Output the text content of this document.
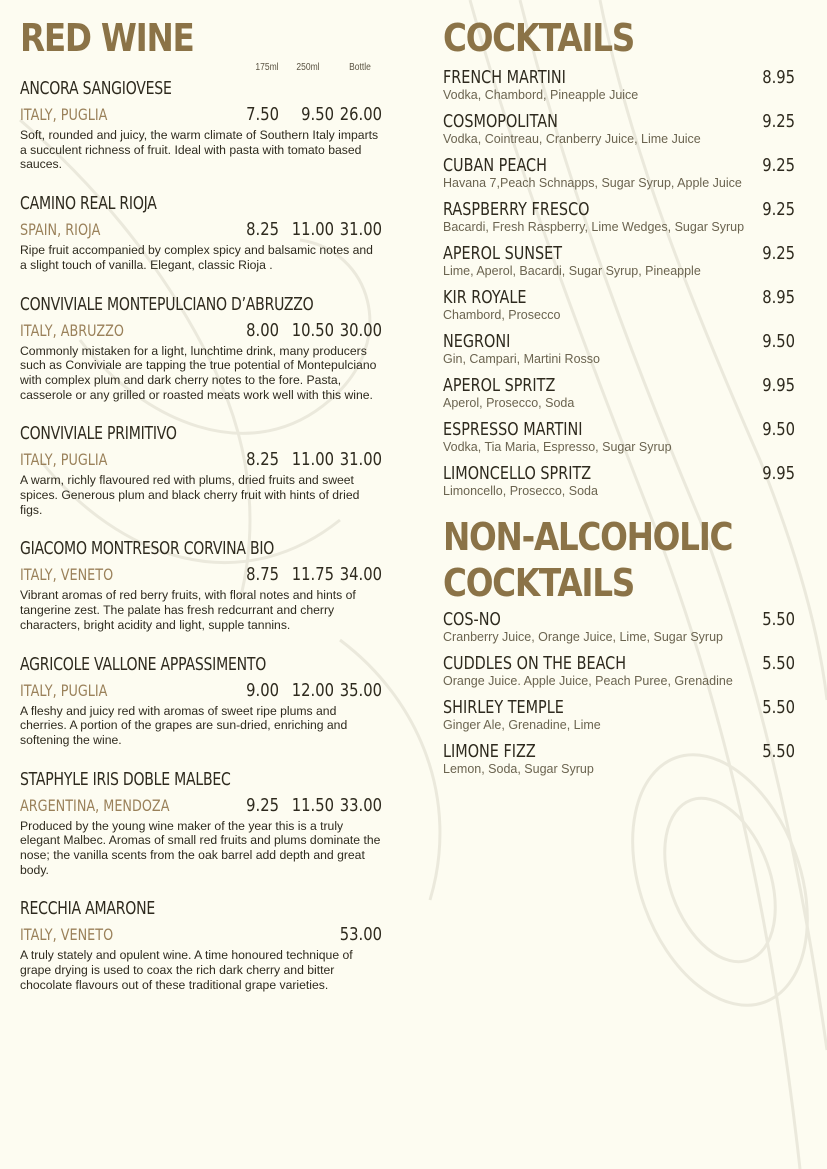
RED WINE
175ml	250ml	Bottle
ANCORA SANGIOVESE
ITALY, PUGLIA	7.50	9.50 26.00
Soft, rounded and juicy, the warm climate of Southern Italy imparts a succulent richness of fruit. Ideal with pasta with tomato based sauces.
CAMINO REAL RIOJA
SPAIN, RIOJA	8.25 11.00 31.00
Ripe fruit accompanied by complex spicy and balsamic notes and a slight touch of vanilla. Elegant, classic Rioja .
CONVIVIALE MONTEPULCIANO D’ABRUZZO
ITALY, ABRUZZO	8.00 10.50 30.00
Commonly mistaken for a light, lunchtime drink, many producers such as Conviviale are tapping the true potential of Montepulciano with complex plum and dark cherry notes to the fore. Pasta, casserole or any grilled or roasted meats work well with this wine.
CONVIVIALE PRIMITIVO
ITALY, PUGLIA	8.25 11.00 31.00
A warm, richly flavoured red with plums, dried fruits and sweet spices. Generous plum and black cherry fruit with hints of dried figs.
GIACOMO MONTRESOR CORVINA BIO
ITALY, VENETO	8.75 11.75 34.00
Vibrant aromas of red berry fruits, with floral notes and hints of tangerine zest. The palate has fresh redcurrant and cherry characters, bright acidity and light, supple tannins.
AGRICOLE VALLONE APPASSIMENTO
ITALY, PUGLIA	9.00 12.00 35.00
A fleshy and juicy red with aromas of sweet ripe plums and cherries. A portion of the grapes are sun-dried, enriching and softening the wine.
STAPHYLE IRIS DOBLE MALBEC
ARGENTINA, MENDOZA	9.25 11.50 33.00
Produced by the young wine maker of the year this is a truly elegant Malbec. Aromas of small red fruits and plums dominate the nose; the vanilla scents from the oak barrel add depth and great body.
RECCHIA AMARONE
ITALY, VENETO	53.00
A truly stately and opulent wine. A time honoured technique of grape drying is used to coax the rich dark cherry and bitter chocolate flavours out of these traditional grape varieties.
COCKTAILS
FRENCH MARTINI	8.95
Vodka, Chambord, Pineapple Juice
COSMOPOLITAN	9.25
Vodka, Cointreau, Cranberry Juice, Lime Juice
CUBAN PEACH	9.25
Havana 7,Peach Schnapps, Sugar Syrup, Apple Juice
RASPBERRY FRESCO	9.25
Bacardi, Fresh Raspberry, Lime Wedges, Sugar Syrup
APEROL SUNSET	9.25
Lime, Aperol, Bacardi, Sugar Syrup, Pineapple
KIR ROYALE	8.95
Chambord, Prosecco
NEGRONI	9.50
Gin, Campari, Martini Rosso
APEROL SPRITZ	9.95
Aperol, Prosecco, Soda
ESPRESSO MARTINI	9.50
Vodka, Tia Maria, Espresso, Sugar Syrup
LIMONCELLO SPRITZ	9.95
Limoncello, Prosecco, Soda
NON-ALCOHOLIC
COCKTAILS
COS-NO	5.50
Cranberry Juice, Orange Juice, Lime, Sugar Syrup
CUDDLES ON THE BEACH	5.50
Orange Juice. Apple Juice, Peach Puree, Grenadine
SHIRLEY TEMPLE	5.50
Ginger Ale, Grenadine, Lime
LIMONE FIZZ	5.50
Lemon, Soda, Sugar Syrup
